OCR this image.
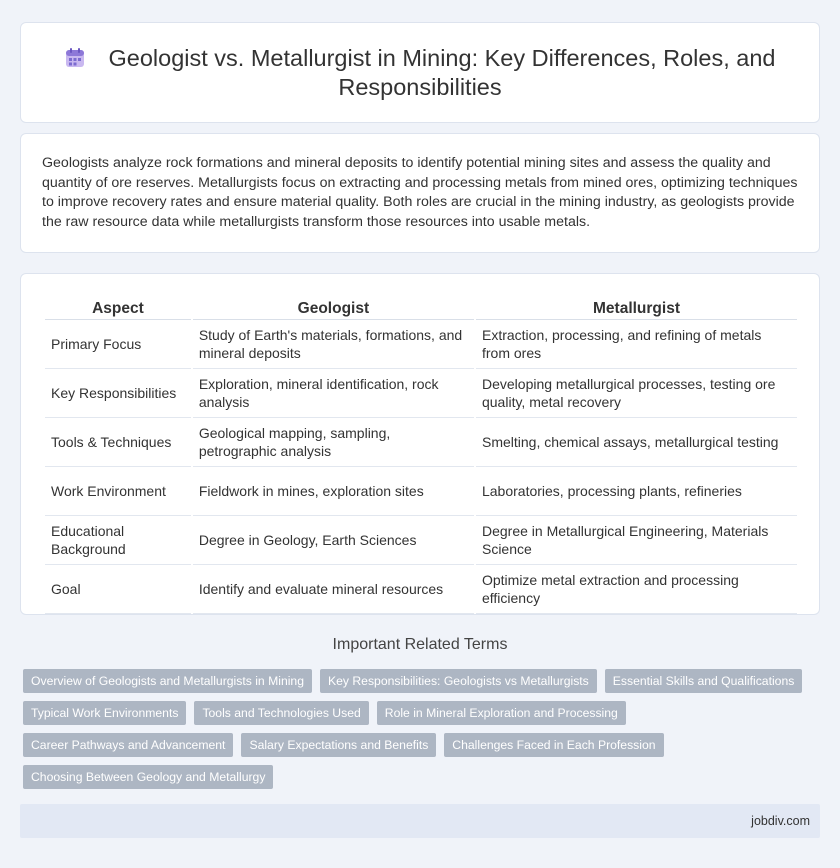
Geologist vs. Metallurgist in Mining: Key Differences, Roles, and Responsibilities

Geologists analyze rock formations and mineral deposits to identify potential mining sites and assess the quality and quantity of ore reserves. Metallurgists focus on extracting and processing metals from mined ores, optimizing techniques to improve recovery rates and ensure material quality. Both roles are crucial in the mining industry, as geologists provide the raw resource data while metallurgists transform those resources into usable metals.

Aspect	Geologist	Metallurgist
Primary Focus	Study of Earth's materials, formations, and mineral deposits	Extraction, processing, and refining of metals from ores
Key Responsibilities	Exploration, mineral identification, rock analysis	Developing metallurgical processes, testing ore quality, metal recovery
Tools & Techniques	Geological mapping, sampling, petrographic analysis	Smelting, chemical assays, metallurgical testing
Work Environment	Fieldwork in mines, exploration sites	Laboratories, processing plants, refineries
Educational Background	Degree in Geology, Earth Sciences	Degree in Metallurgical Engineering, Materials Science
Goal	Identify and evaluate mineral resources	Optimize metal extraction and processing efficiency
Important Related Terms
Overview of Geologists and Metallurgists in Mining	Key Responsibilities: Geologists vs Metallurgists	Essential Skills and Qualifications
Typical Work Environments	Tools and Technologies Used	Role in Mineral Exploration and Processing
Career Pathways and Advancement	Salary Expectations and Benefits	Challenges Faced in Each Profession
Choosing Between Geology and Metallurgy
jobdiv.com
